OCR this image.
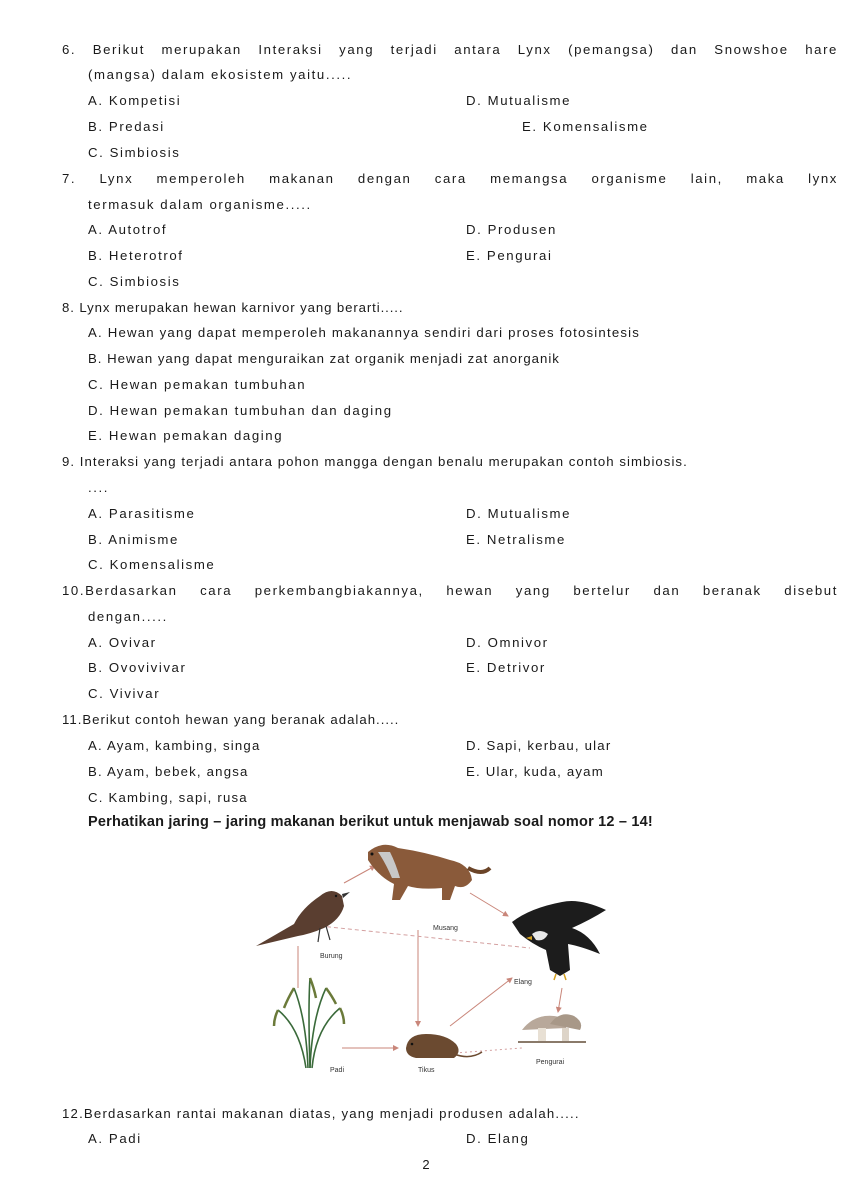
6. Berikut merupakan Interaksi yang terjadi antara Lynx (pemangsa) dan Snowshoe hare
(mangsa) dalam ekosistem yaitu.....
A. Kompetisi	D. Mutualisme
B. Predasi	E. Komensalisme
C. Simbiosis
7. Lynx memperoleh makanan dengan cara memangsa organisme lain, maka lynx
termasuk dalam organisme.....
A. Autotrof	D. Produsen
B. Heterotrof	E. Pengurai
C. Simbiosis
8. Lynx merupakan hewan karnivor yang berarti.....
A. Hewan yang dapat memperoleh makanannya sendiri dari proses fotosintesis
B. Hewan yang dapat menguraikan zat organik menjadi zat anorganik
C. Hewan pemakan tumbuhan
D. Hewan pemakan tumbuhan dan daging
E. Hewan pemakan daging
9. Interaksi yang terjadi antara pohon mangga dengan benalu merupakan contoh simbiosis.
....
A. Parasitisme	D. Mutualisme
B. Animisme	E. Netralisme
C. Komensalisme
10.Berdasarkan cara perkembangbiakannya, hewan yang bertelur dan beranak disebut
dengan.....
A. Ovivar	D. Omnivor
B. Ovovivivar	E. Detrivor
C. Vivivar
11.Berikut contoh hewan yang beranak adalah.....
A. Ayam, kambing, singa	D. Sapi, kerbau, ular
B. Ayam, bebek, angsa	E. Ular, kuda, ayam
C. Kambing, sapi, rusa
Perhatikan jaring – jaring makanan berikut untuk menjawab soal nomor 12 – 14!
Musang
Burung
Elang
Padi	Tikus
Pengurai
12.Berdasarkan rantai makanan diatas, yang menjadi produsen adalah.....
A. Padi	D. Elang
2
